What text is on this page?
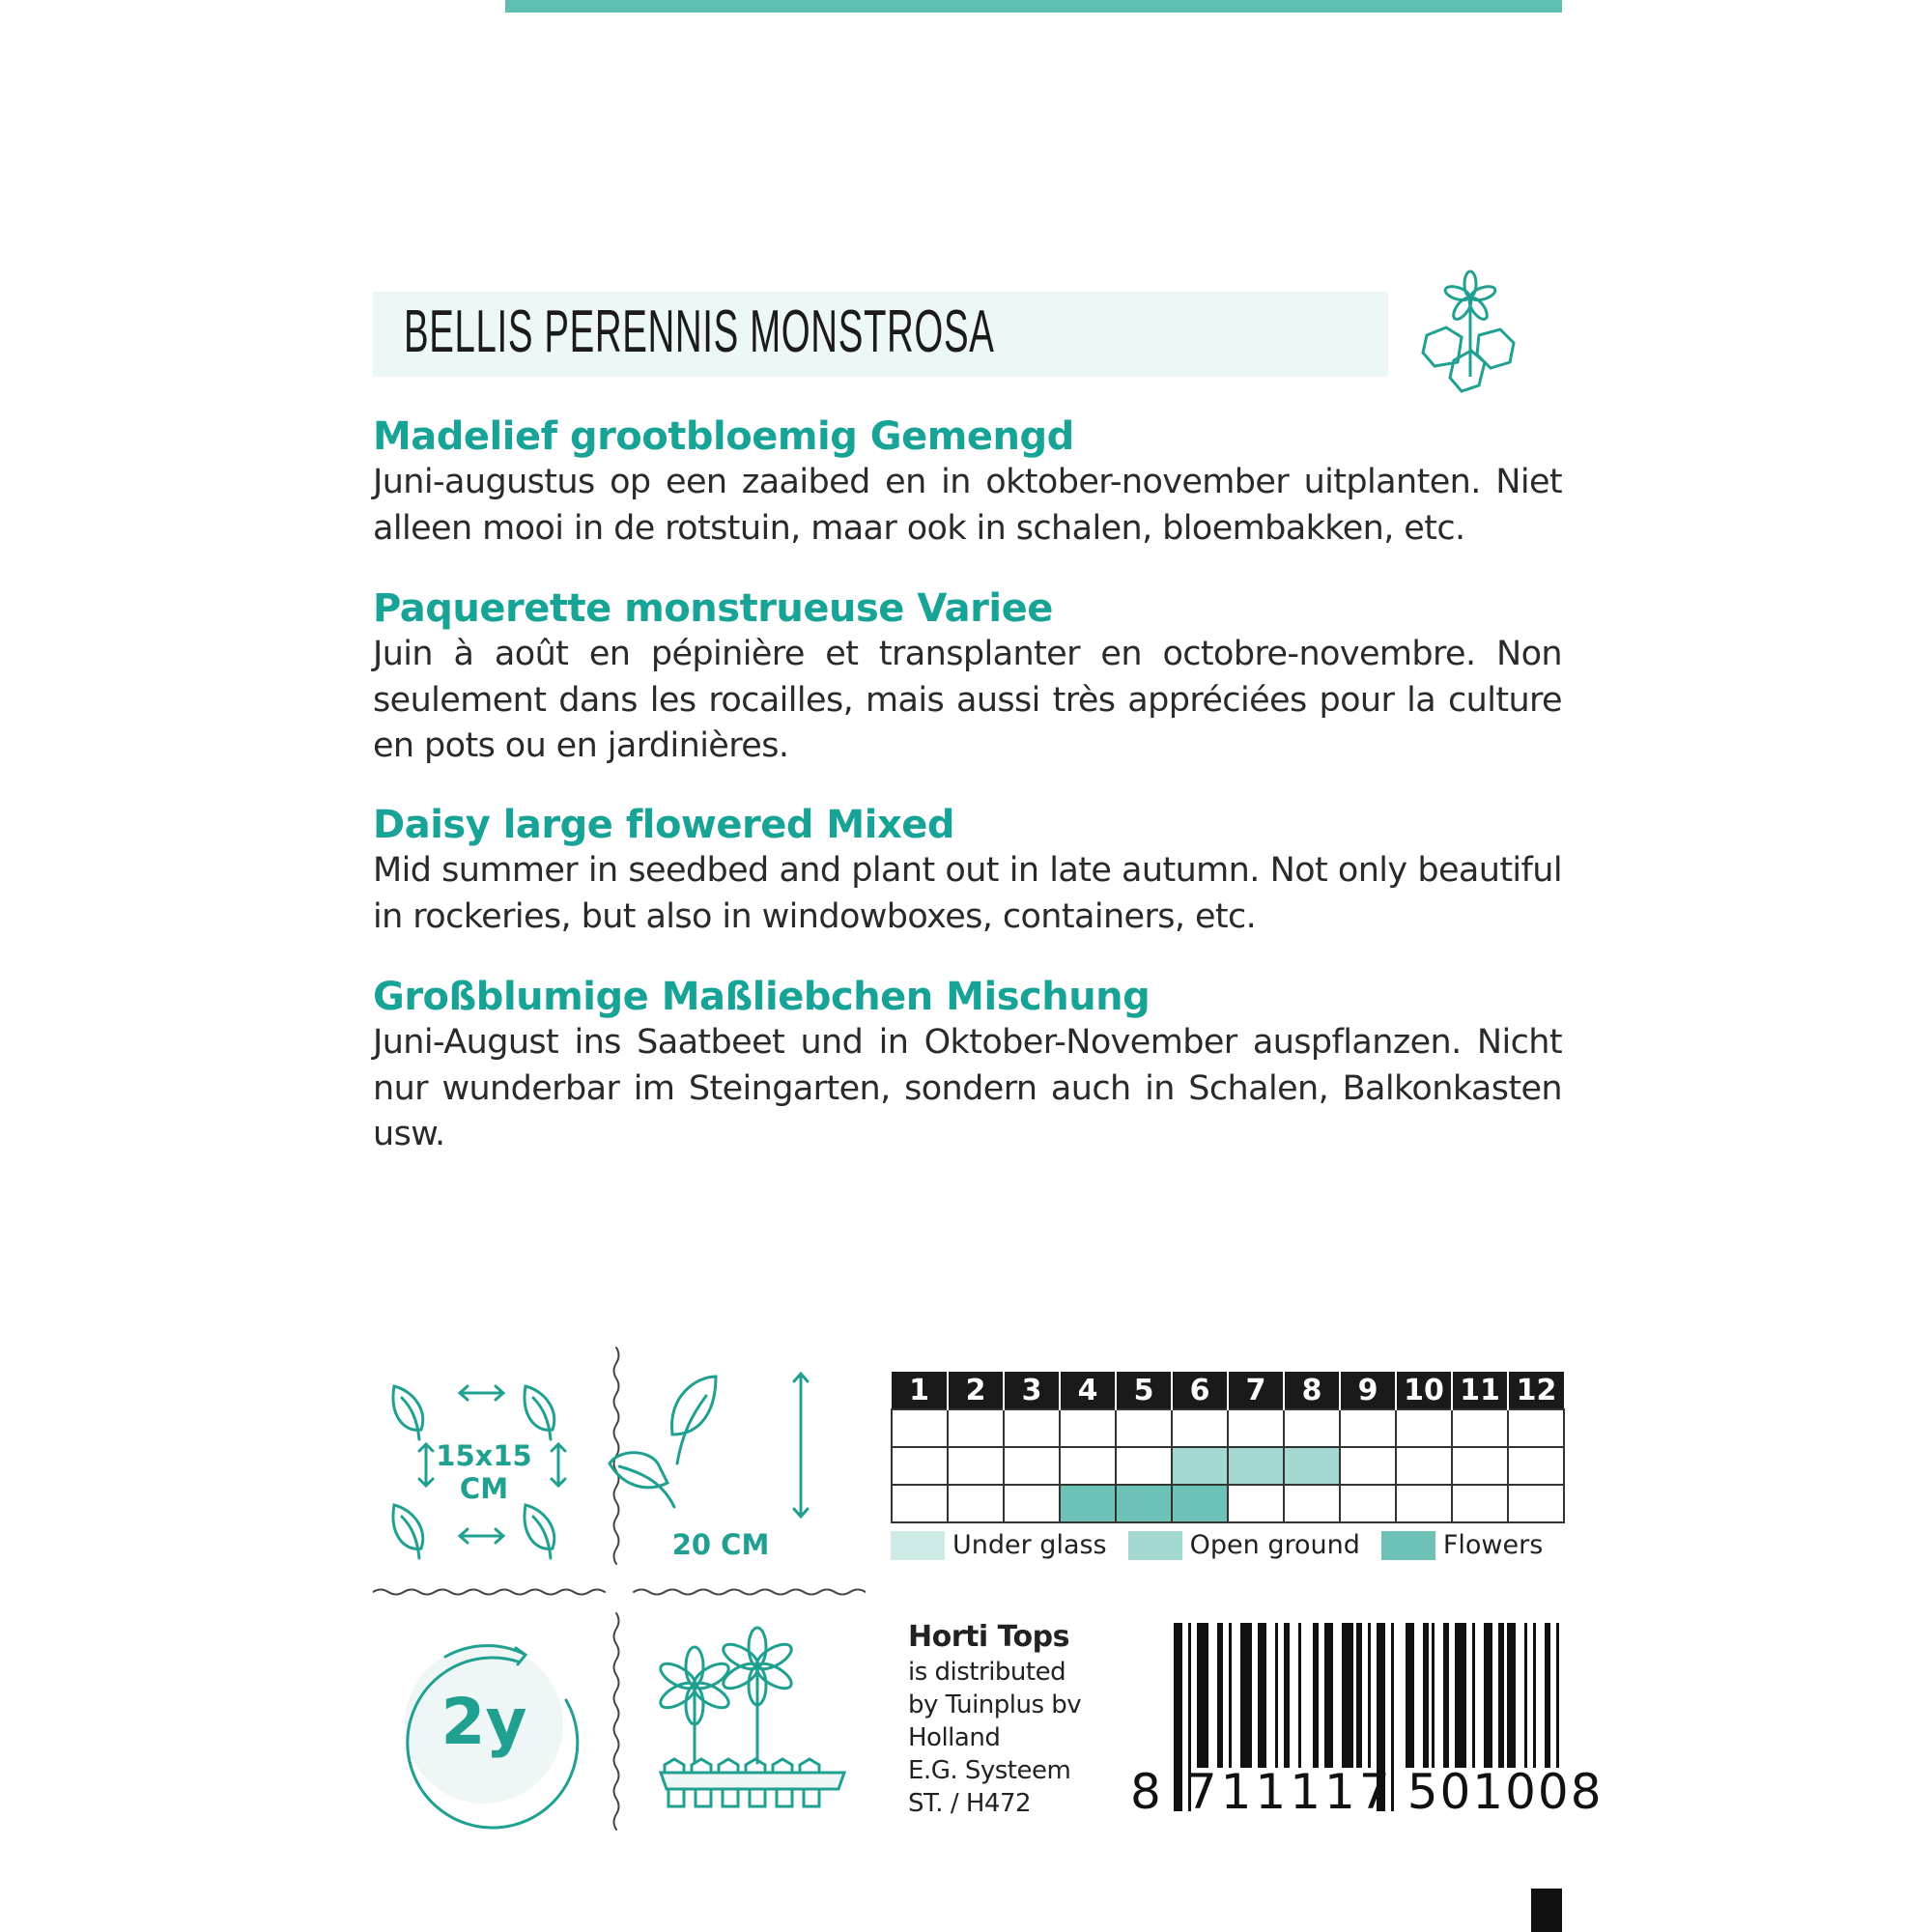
BELLIS PERENNIS MONSTROSA
Madelief grootbloemig Gemengd

Juni-augustus op een zaaibed en in oktober-november uitplanten. Niet alleen mooi in de rotstuin, maar ook in schalen, bloembakken, etc.

Paquerette monstrueuse Variee

Juin à août en pépinière et transplanter en octobre-novembre. Non seulement dans les rocailles, mais aussi très appréciées pour la culture en pots ou en jardinières.

Daisy large flowered Mixed

Mid summer in seedbed and plant out in late autumn. Not only beautiful in rockeries, but also in windowboxes, containers, etc.

Großblumige Maßliebchen Mischung

Juni-August ins Saatbeet und in Oktober-November auspflanzen. Nicht nur wunderbar im Steingarten, sondern auch in Schalen, Balkonkasten usw.

15x15
CM
20 CM
2y
1	2	3	4	5	6	7	8	9	10	11	12

Under glass	Open ground	Flowers
Horti Tops
is distributed
by Tuinplus bv
Holland
E.G. Systeem
ST. / H472	8 711117 501008
